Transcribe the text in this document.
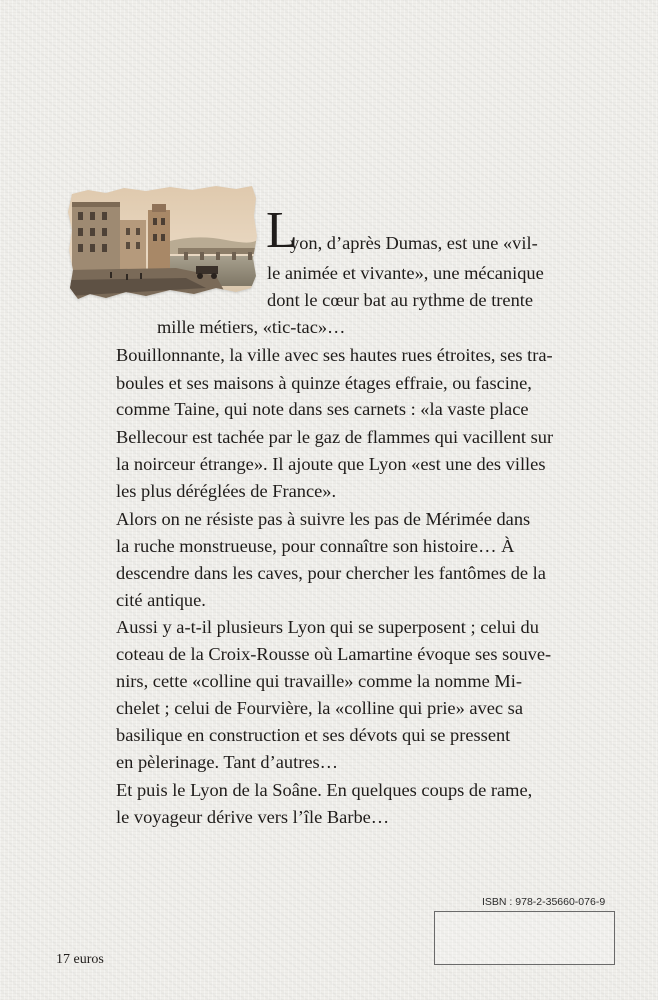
L
yon, d’après Dumas, est une «vil-
le animée et vivante», une mécanique
dont le cœur bat au rythme de trente
mille métiers, «tic-tac»…
Bouillonnante, la ville avec ses hautes rues étroites, ses tra-
boules et ses maisons à quinze étages effraie, ou fascine,
comme Taine, qui note dans ses carnets : «la vaste place
Bellecour est tachée par le gaz de flammes qui vacillent sur
la noirceur étrange». Il ajoute que Lyon «est une des villes
les plus déréglées de France».
Alors on ne résiste pas à suivre les pas de Mérimée dans
la ruche monstrueuse, pour connaître son histoire… À
descendre dans les caves, pour chercher les fantômes de la
cité antique.
Aussi y a-t-il plusieurs Lyon qui se superposent ; celui du
coteau de la Croix-Rousse où Lamartine évoque ses souve-
nirs, cette «colline qui travaille» comme la nomme Mi-
chelet ; celui de Fourvière, la «colline qui prie» avec sa
basilique en construction et ses dévots qui se pressent
en pèlerinage. Tant d’autres…
Et puis le Lyon de la Soâne. En quelques coups de rame,
le voyageur dérive vers l’île Barbe…
ISBN : 978-2-35660-076-9
17 euros
